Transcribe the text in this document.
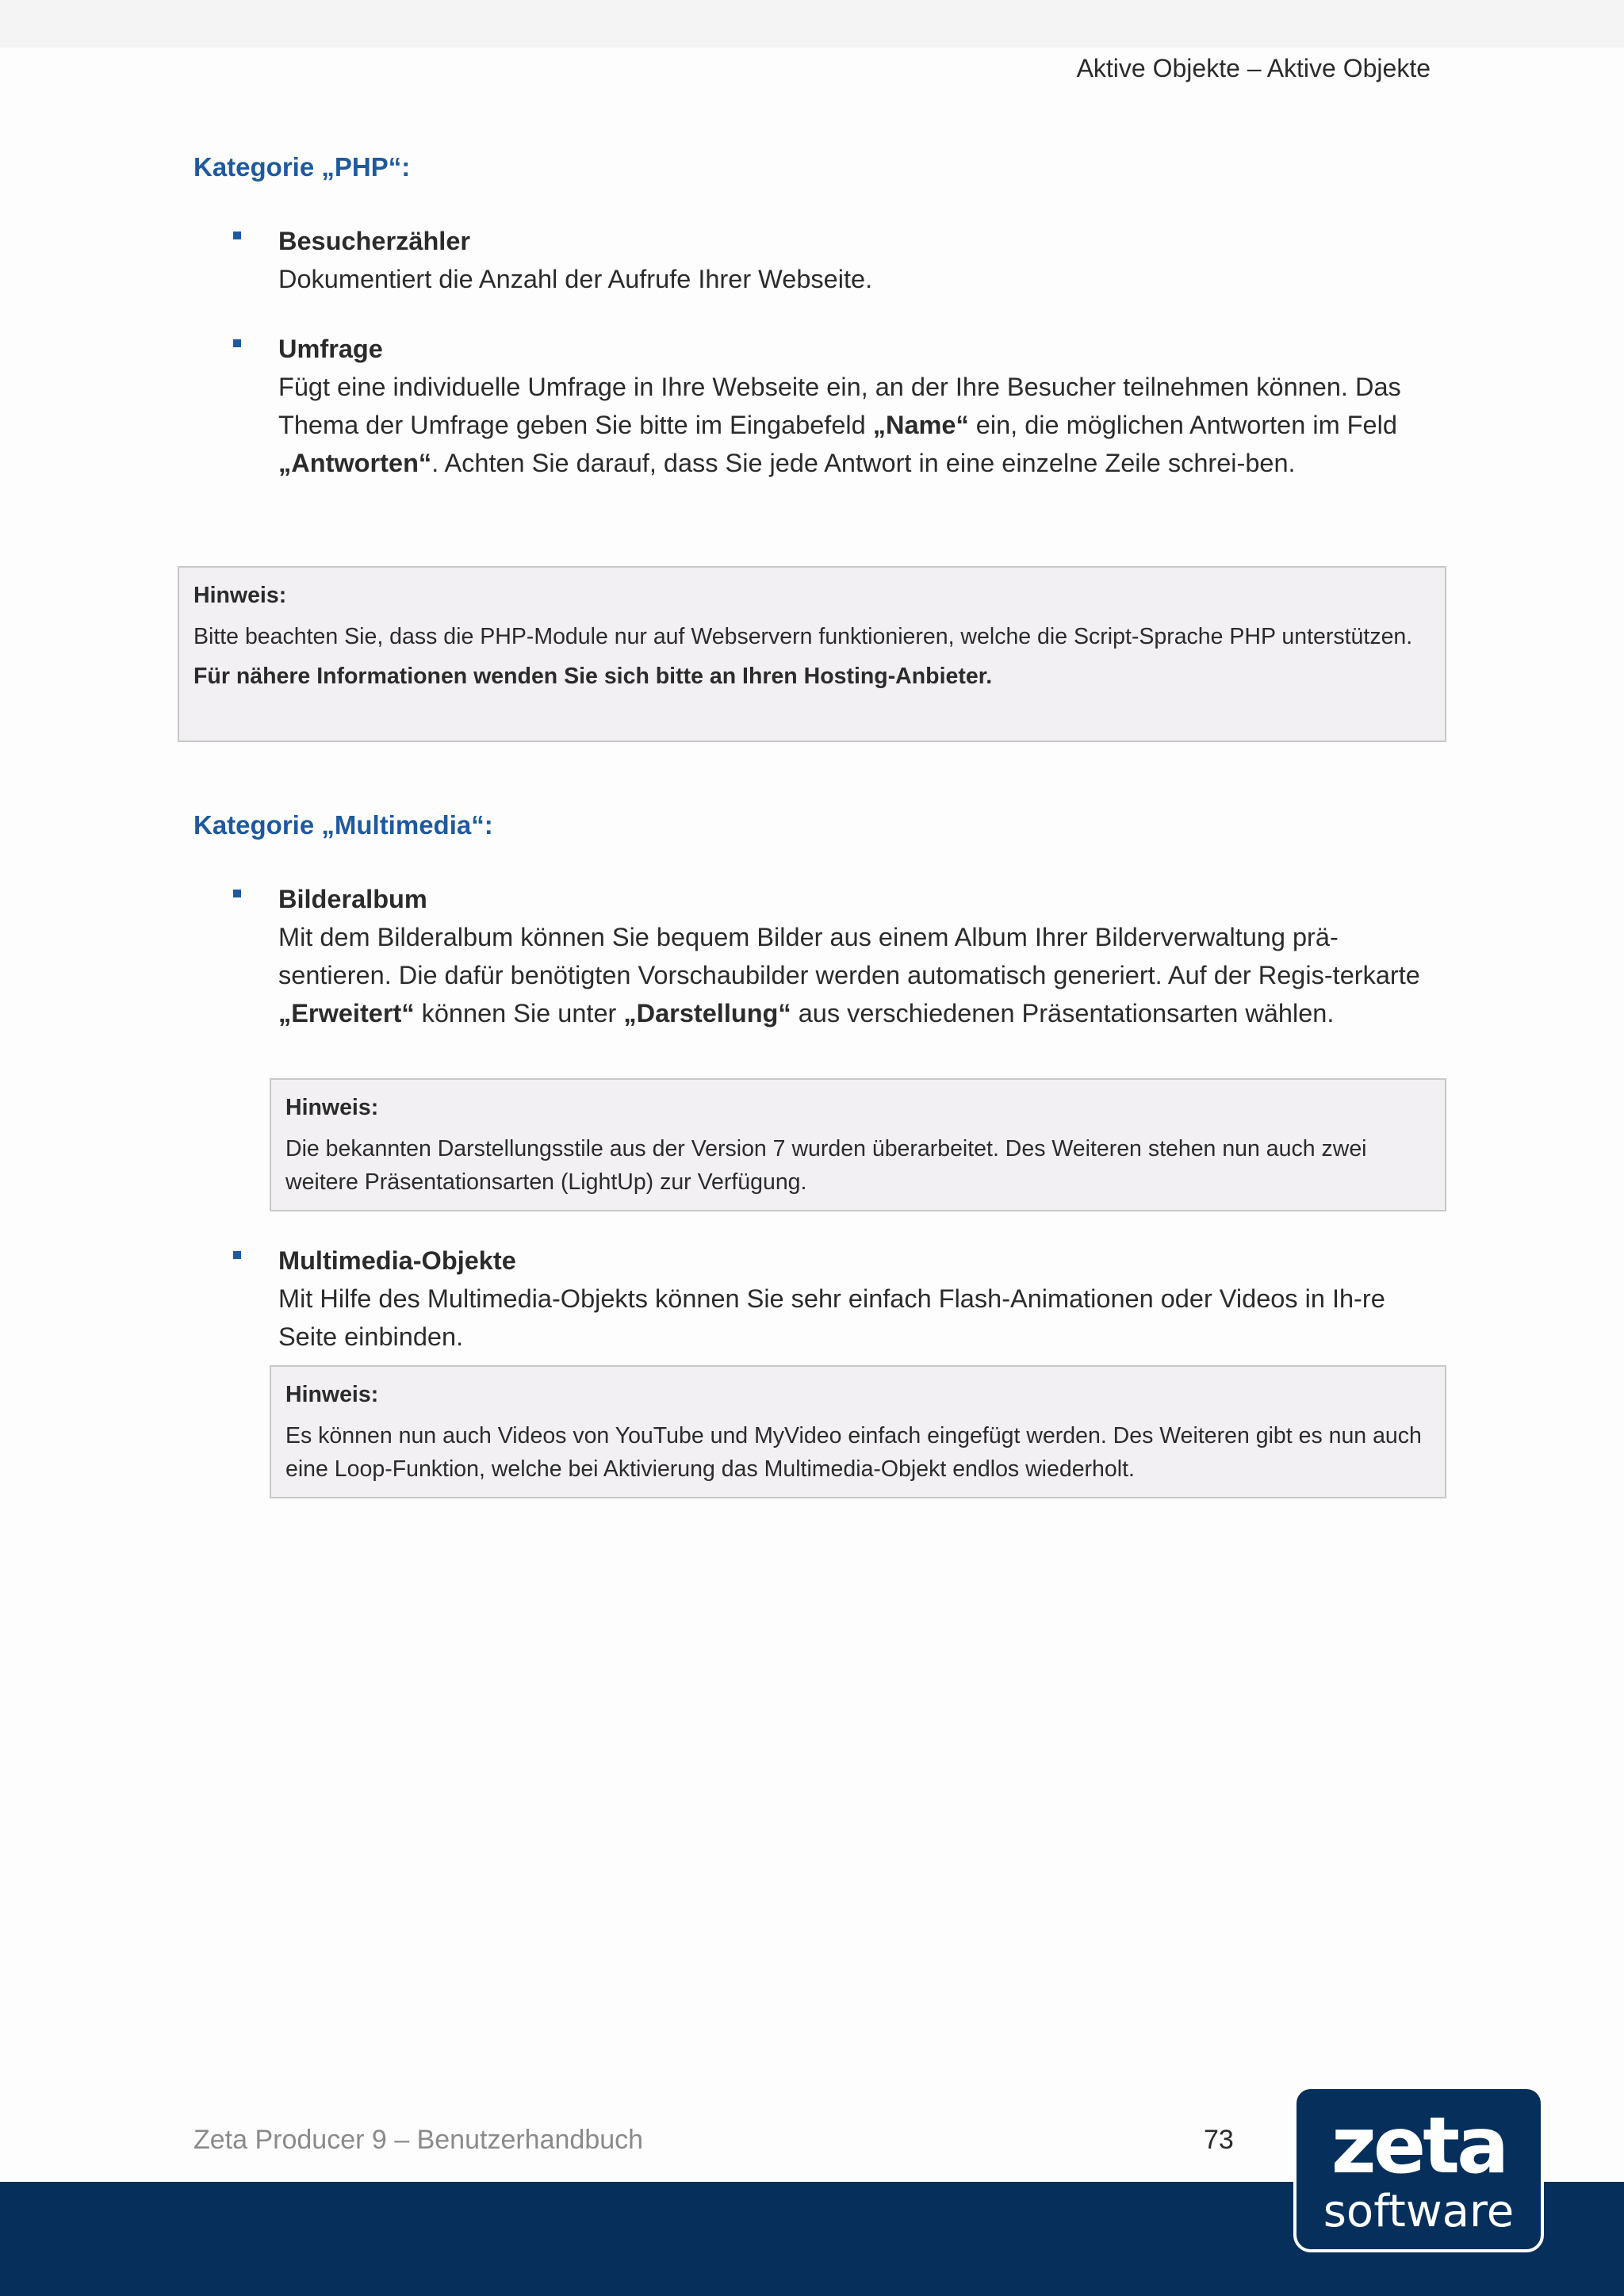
Aktive Objekte – Aktive Objekte
Kategorie „PHP“:
Besucherzähler
Dokumentiert die Anzahl der Aufrufe Ihrer Webseite.
Umfrage
Fügt eine individuelle Umfrage in Ihre Webseite ein, an der Ihre Besucher teilnehmen können. Das Thema der Umfrage geben Sie bitte im Eingabefeld „Name“ ein, die möglichen Antworten im Feld „Antworten“. Achten Sie darauf, dass Sie jede Antwort in eine einzelne Zeile schrei-ben.
Hinweis:
Bitte beachten Sie, dass die PHP-Module nur auf Webservern funktionieren, welche die Script-Sprache PHP unterstützen.
Für nähere Informationen wenden Sie sich bitte an Ihren Hosting-Anbieter.
Kategorie „Multimedia“:
Bilderalbum
Mit dem Bilderalbum können Sie bequem Bilder aus einem Album Ihrer Bilderverwaltung prä-sentieren. Die dafür benötigten Vorschaubilder werden automatisch generiert. Auf der Regis-terkarte „Erweitert“ können Sie unter „Darstellung“ aus verschiedenen Präsentationsarten wählen.
Hinweis:
Die bekannten Darstellungsstile aus der Version 7 wurden überarbeitet. Des Weiteren stehen nun auch zwei weitere Präsentationsarten (LightUp) zur Verfügung.
Multimedia-Objekte
Mit Hilfe des Multimedia-Objekts können Sie sehr einfach Flash-Animationen oder Videos in Ih-re Seite einbinden.
Hinweis:
Es können nun auch Videos von YouTube und MyVideo einfach eingefügt werden. Des Weiteren gibt es nun auch eine Loop-Funktion, welche bei Aktivierung das Multimedia-Objekt endlos wiederholt.
Zeta Producer 9 – Benutzerhandbuch	73 zeta
software
